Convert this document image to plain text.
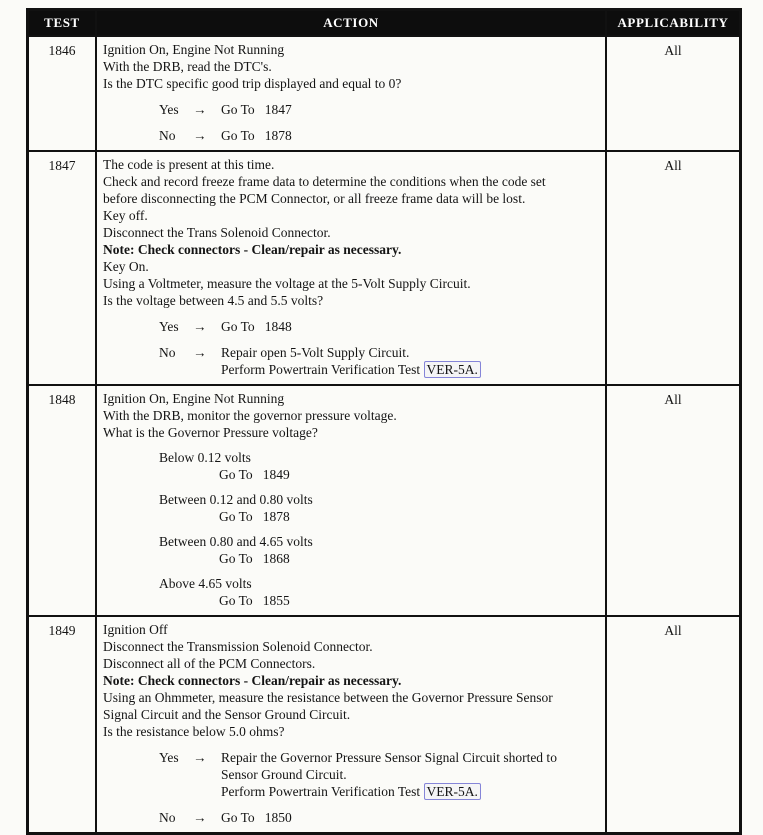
TEST	ACTION	APPLICABILITY
1846	Ignition On, Engine Not Running
With the DRB, read the DTC's.
Is the DTC specific good trip displayed and equal to 0?
Yes	→	Go To   1847
No	→	Go To   1878
	All
1847	The code is present at this time.
Check and record freeze frame data to determine the conditions when the code set
before disconnecting the PCM Connector, or all freeze frame data will be lost.
Key off.
Disconnect the Trans Solenoid Connector.
Note: Check connectors - Clean/repair as necessary.
Key On.
Using a Voltmeter, measure the voltage at the 5-Volt Supply Circuit.
Is the voltage between 4.5 and 5.5 volts?
Yes	→	Go To   1848
No	→	Repair open 5-Volt Supply Circuit.
Perform Powertrain Verification Test VER-5A.
	All
1848	Ignition On, Engine Not Running
With the DRB, monitor the governor pressure voltage.
What is the Governor Pressure voltage?
Below 0.12 volts
Go To   1849
Between 0.12 and 0.80 volts
Go To   1878
Between 0.80 and 4.65 volts
Go To   1868
Above 4.65 volts
Go To   1855
	All
1849	Ignition Off
Disconnect the Transmission Solenoid Connector.
Disconnect all of the PCM Connectors.
Note: Check connectors - Clean/repair as necessary.
Using an Ohmmeter, measure the resistance between the Governor Pressure Sensor
Signal Circuit and the Sensor Ground Circuit.
Is the resistance below 5.0 ohms?
Yes	→	Repair the Governor Pressure Sensor Signal Circuit shorted to
Sensor Ground Circuit.
Perform Powertrain Verification Test VER-5A.
No	→	Go To   1850
	All
